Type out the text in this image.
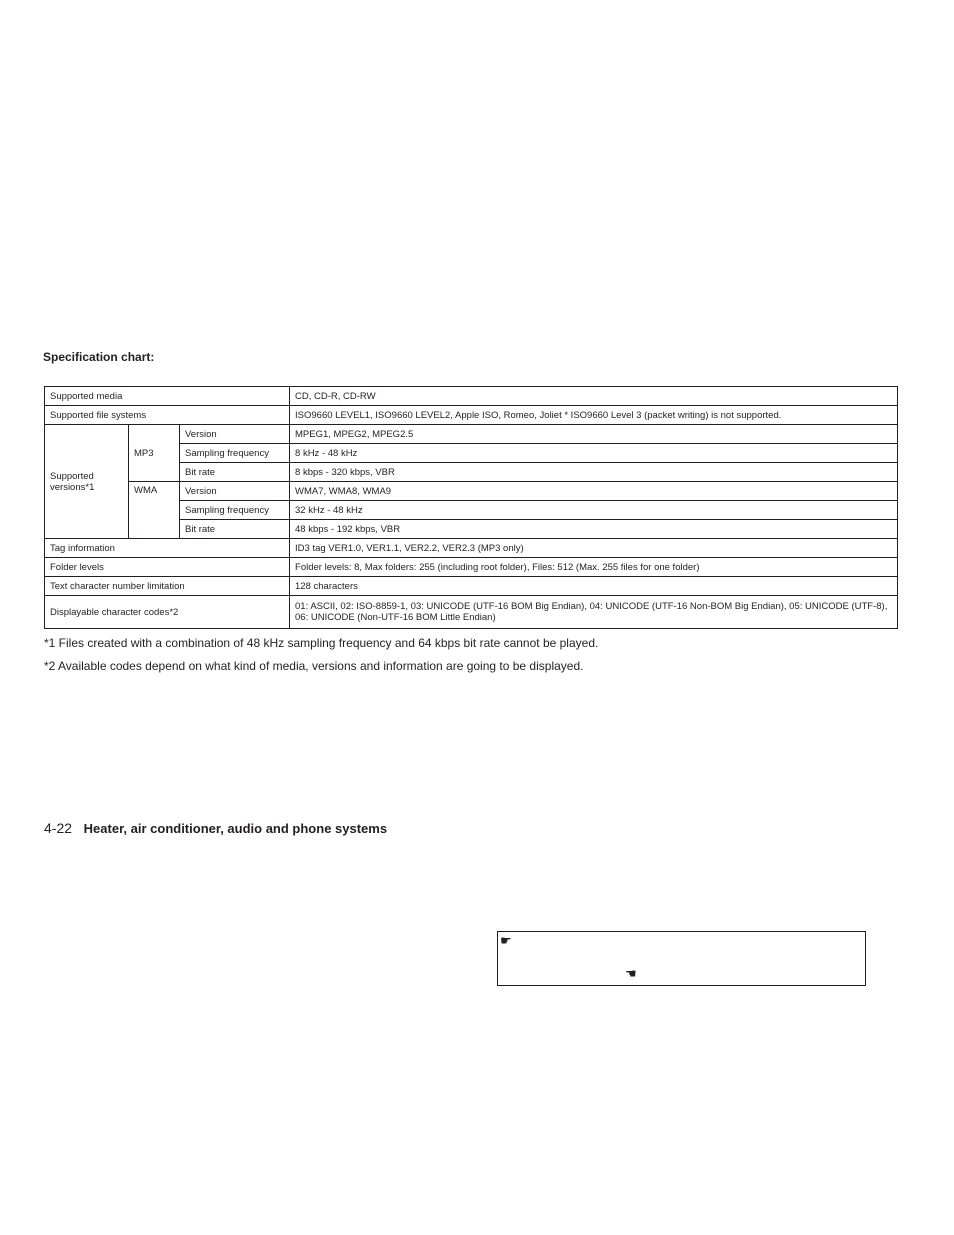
Specification chart:
Supported media			CD, CD-R, CD-RW
Supported file systems			ISO9660 LEVEL1, ISO9660 LEVEL2, Apple ISO, Romeo, Joliet * ISO9660 Level 3 (packet writing) is not supported.
Supported
versions*1	MP3	Version	MPEG1, MPEG2, MPEG2.5
		Sampling frequency	8 kHz - 48 kHz
		Bit rate	8 kbps - 320 kbps, VBR
	WMA	Version	WMA7, WMA8, WMA9
		Sampling frequency	32 kHz - 48 kHz
		Bit rate	48 kbps - 192 kbps, VBR
Tag information			ID3 tag VER1.0, VER1.1, VER2.2, VER2.3 (MP3 only)
Folder levels			Folder levels: 8, Max folders: 255 (including root folder), Files: 512 (Max. 255 files for one folder)
Text character number limitation			128 characters
Displayable character codes*2			01: ASCII, 02: ISO-8859-1, 03: UNICODE (UTF-16 BOM Big Endian), 04: UNICODE (UTF-16 Non-BOM Big Endian), 05: UNICODE (UTF-8), 06: UNICODE (Non-UTF-16 BOM Little Endian)
*1 Files created with a combination of 48 kHz sampling frequency and 64 kbps bit rate cannot be played.
*2 Available codes depend on what kind of media, versions and information are going to be displayed.
4-22 Heater, air conditioner, audio and phone systems
☛
☚
